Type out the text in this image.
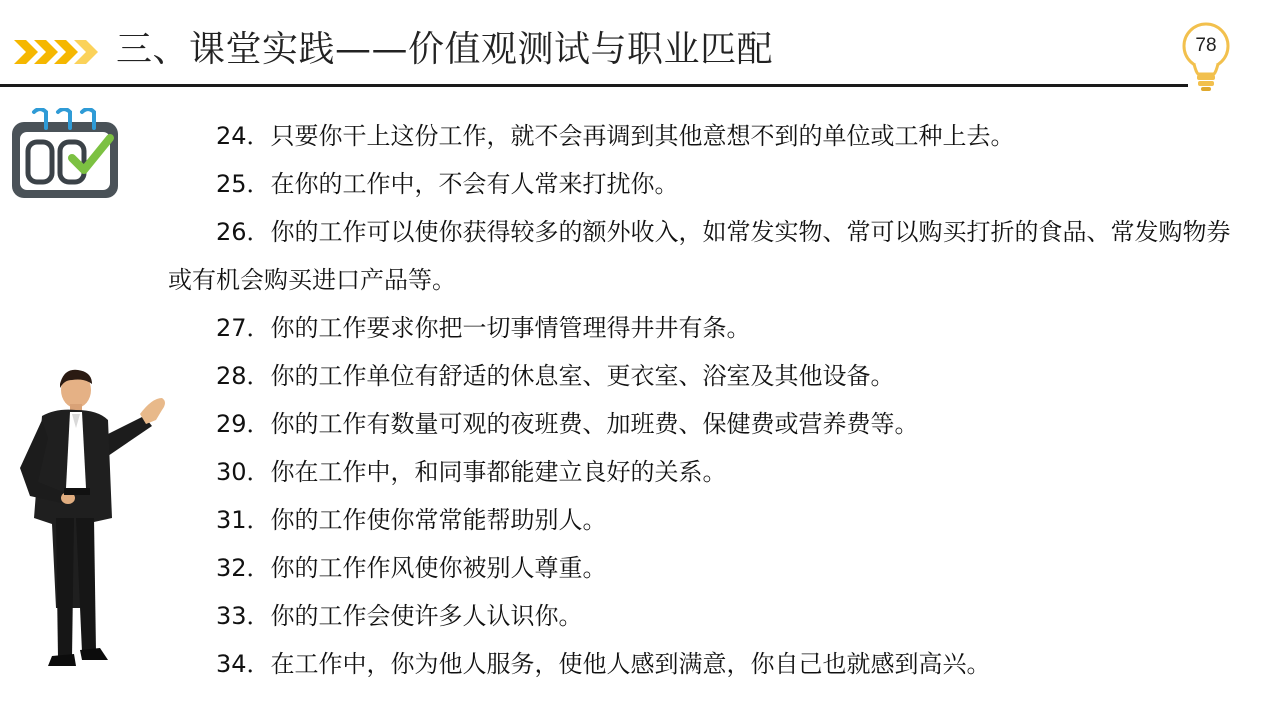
三、课堂实践——价值观测试与职业匹配	78

24．只要你干上这份工作，就不会再调到其他意想不到的单位或工种上去。

25．在你的工作中，不会有人常来打扰你。

26．你的工作可以使你获得较多的额外收入，如常发实物、常可以购买打折的食品、常发购物券或有机会购买进口产品等。

27．你的工作要求你把一切事情管理得井井有条。

28．你的工作单位有舒适的休息室、更衣室、浴室及其他设备。

29．你的工作有数量可观的夜班费、加班费、保健费或营养费等。

30．你在工作中，和同事都能建立良好的关系。

31．你的工作使你常常能帮助别人。

32．你的工作作风使你被别人尊重。

33．你的工作会使许多人认识你。

34．在工作中，你为他人服务，使他人感到满意，你自己也就感到高兴。
